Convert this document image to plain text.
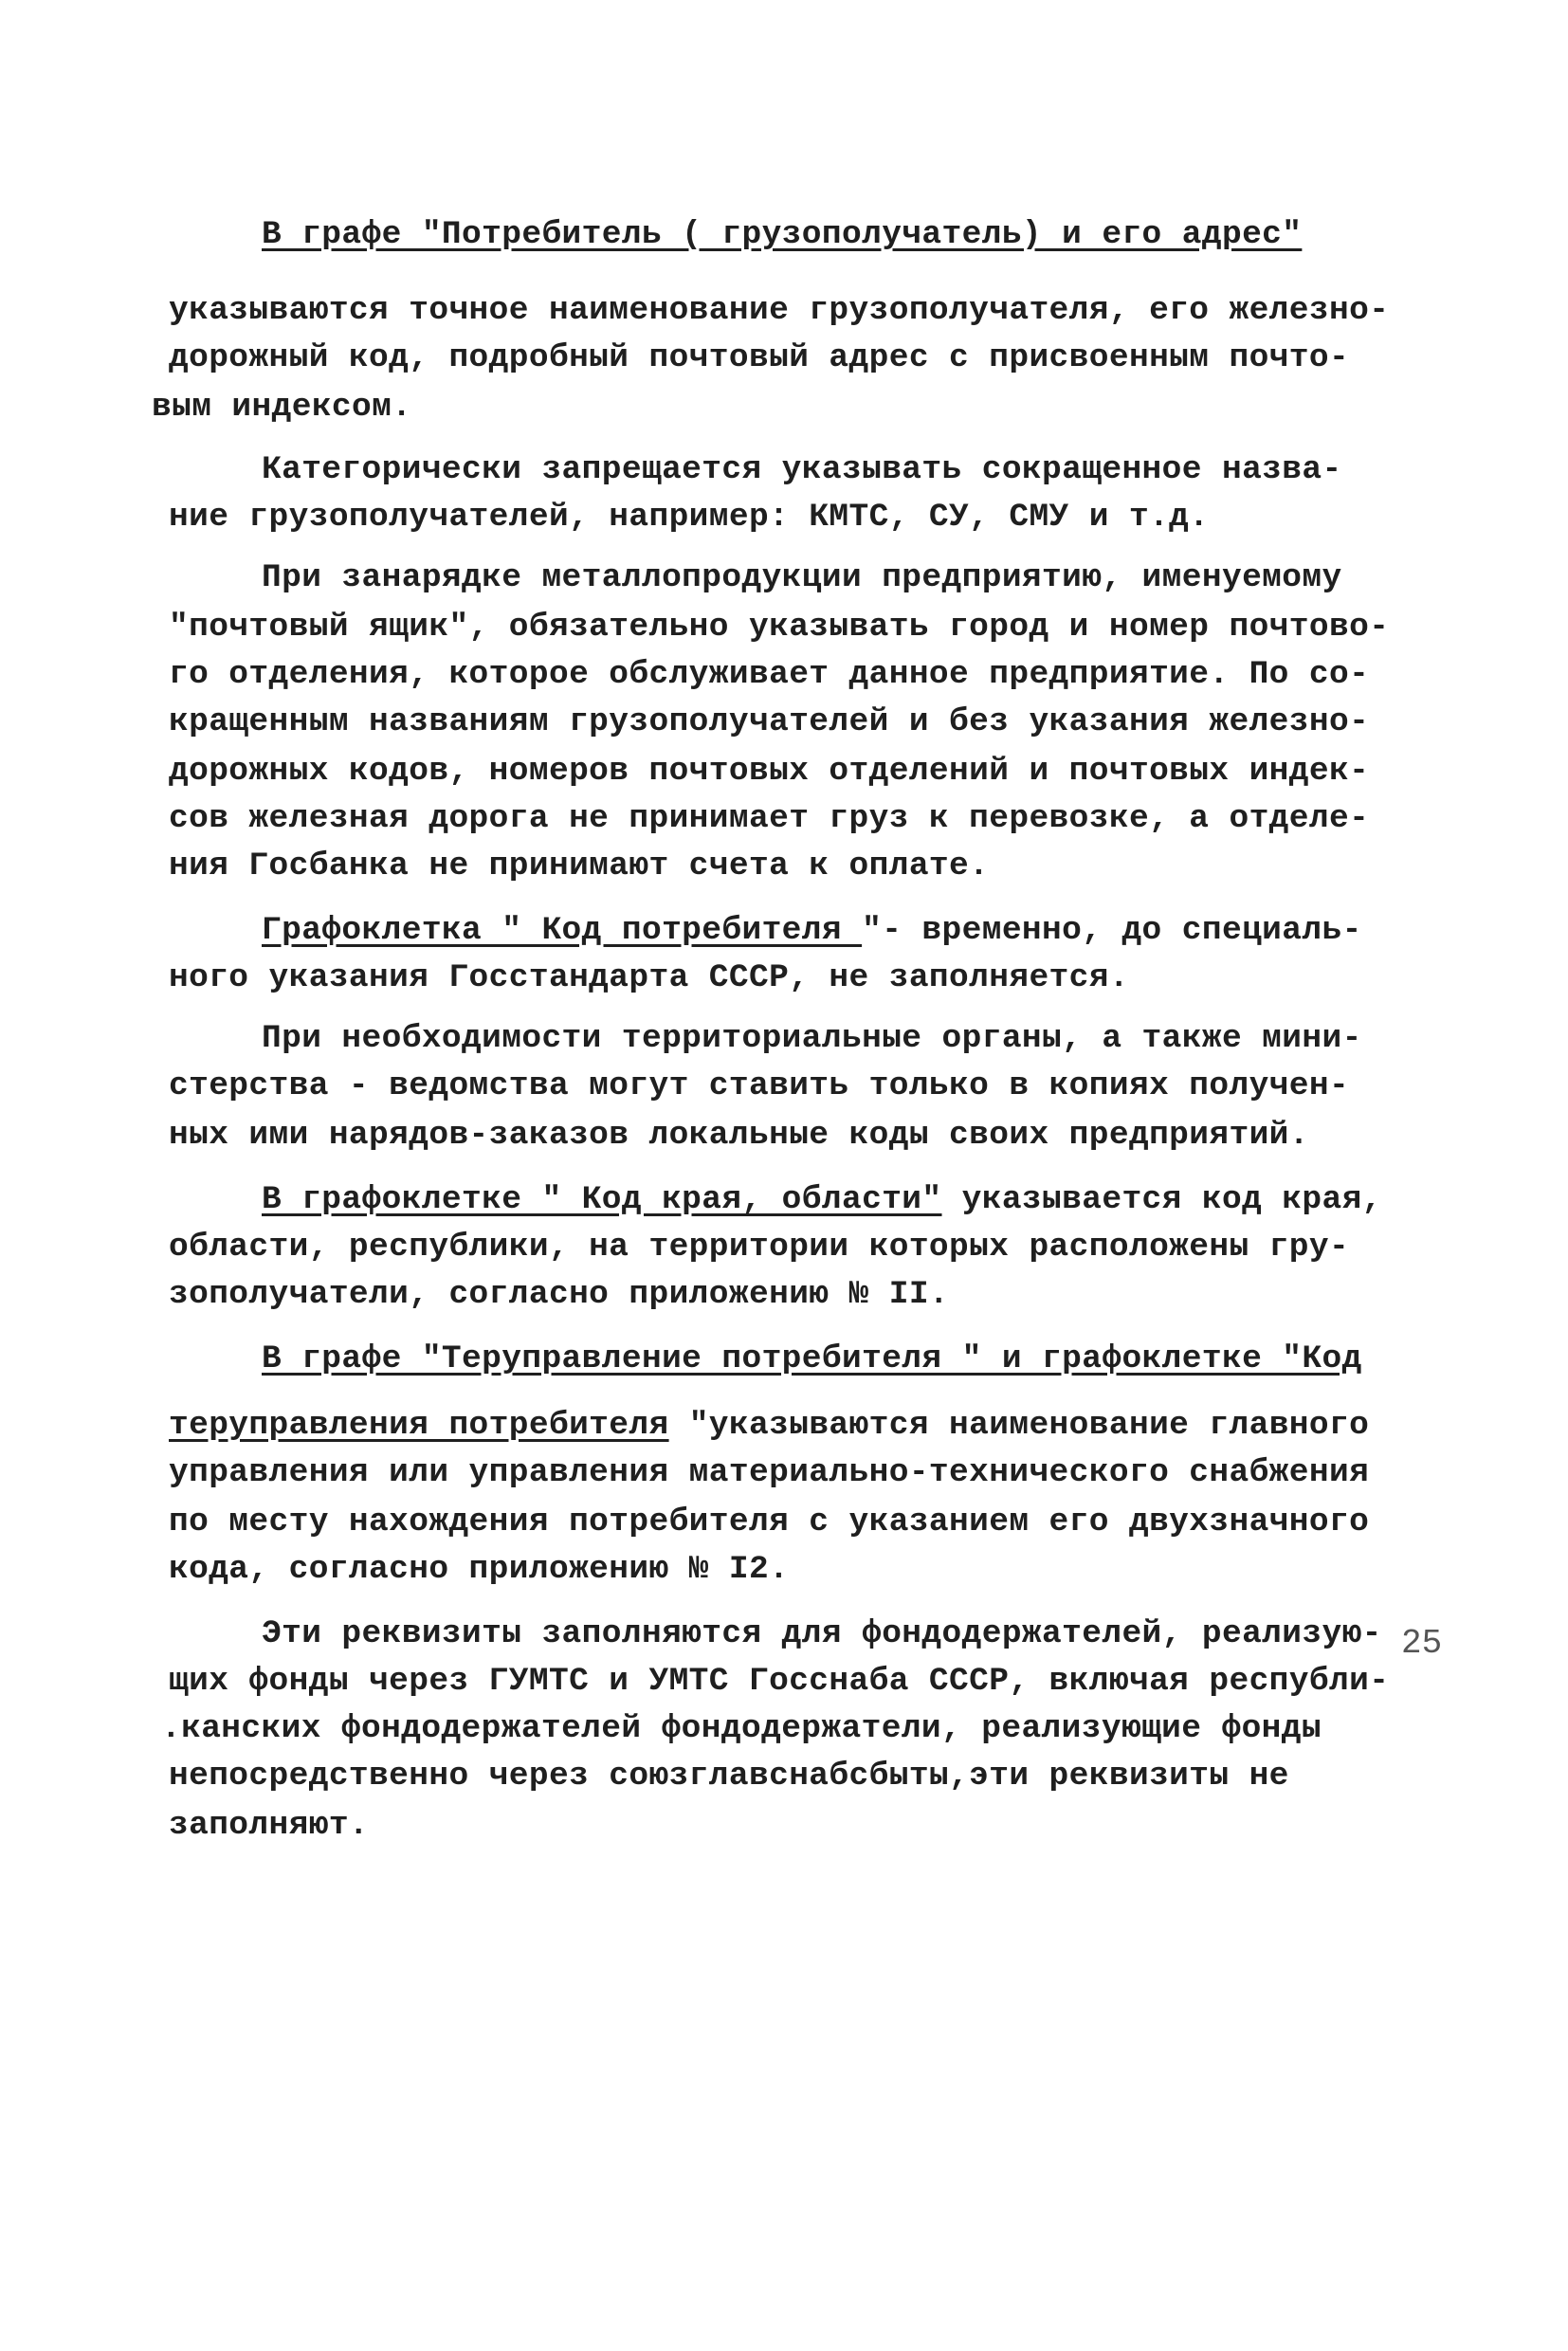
В графе "Потребитель ( грузополучатель) и его адрес"
указываются точное наименование грузополучателя, его железно-
дорожный код, подробный почтовый адрес с присвоенным почто-
вым индексом.
Категорически запрещается указывать сокращенное назва-
ние грузополучателей, например: КМТС, СУ, СМУ и т.д.
При занарядке металлопродукции предприятию, именуемому
"почтовый ящик", обязательно указывать город и номер почтово-
го отделения, которое обслуживает данное предприятие. По со-
кращенным названиям грузополучателей и без указания железно-
дорожных кодов, номеров почтовых отделений и почтовых индек-
сов железная дорога не принимает груз к перевозке, а отделе-
ния Госбанка не принимают счета к оплате.
Графоклетка " Код потребителя "- временно, до специаль-
ного указания Госстандарта СССР, не заполняется.
При необходимости территориальные органы, а также мини-
стерства - ведомства могут ставить только в копиях получен-
ных ими нарядов-заказов локальные коды своих предприятий.
В графоклетке " Код края, области" указывается код края,
области, республики, на территории которых расположены гру-
зополучатели, согласно приложению № II.
В графе "Теруправление потребителя " и графоклетке "Код
теруправления потребителя "указываются наименование главного
управления или управления материально-технического снабжения
по месту нахождения потребителя с указанием его двухзначного
кода, согласно приложению № I2.
Эти реквизиты заполняются для фондодержателей, реализую-
щих фонды через ГУМТС и УМТС Госснаба СССР, включая республи-
.канских фондодержателей фондодержатели, реализующие фонды
непосредственно через союзглавснабсбыты,эти реквизиты не
заполняют.
25
